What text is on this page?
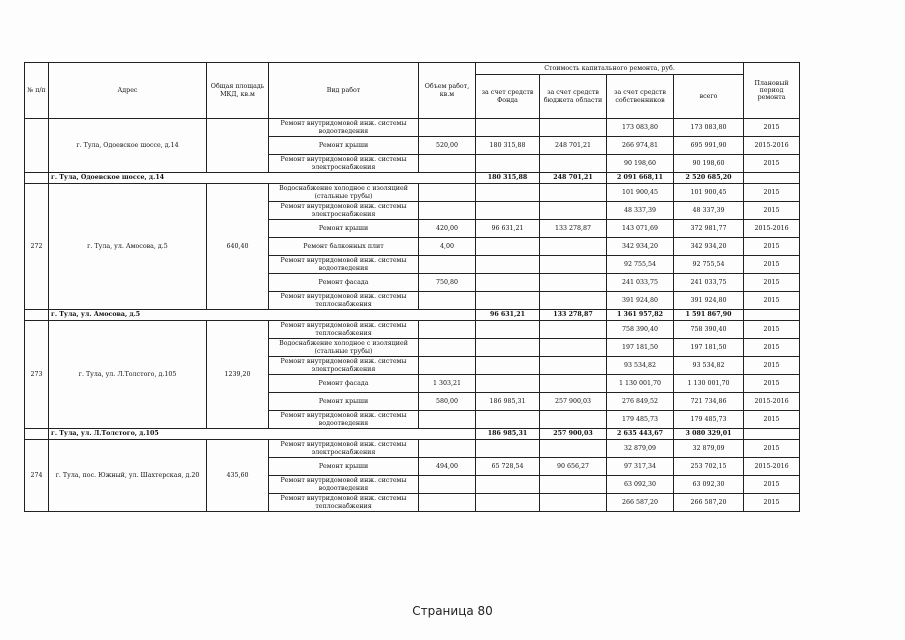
№ п/п	Адрес	Общая площадь МКД, кв.м	Вид работ	Объем работ, кв.м	Стоимость капитального ремонта, руб.				Плановый период ремонта
					за счет средств Фонда	за счет средств бюджета области	за счет средств собственников	всего	
	г. Тула, Одоевское шоссе, д.14		Ремонт внутридомовой инж. системы водоотведения				173 083,80	173 083,80	2015
			Ремонт крыши	520,00	180 315,88	248 701,21	266 974,81	695 991,90	2015-2016
			Ремонт внутридомовой инж. системы электроснабжения				90 198,60	90 198,60	2015
	г. Тула, Одоевское шоссе, д.14				180 315,88	248 701,21	2 091 668,11	2 520 685,20	
272	г. Тула, ул. Амосова, д.5	640,40	Водоснабжение холодное с изоляцией (стальные трубы)				101 900,45	101 900,45	2015
			Ремонт внутридомовой инж. системы электроснабжения				48 337,39	48 337,39	2015
			Ремонт крыши	420,00	96 631,21	133 278,87	143 071,69	372 981,77	2015-2016
			Ремонт балконных плит	4,00			342 934,20	342 934,20	2015
			Ремонт внутридомовой инж. системы водоотведения				92 755,54	92 755,54	2015
			Ремонт фасада	750,80			241 033,75	241 033,75	2015
			Ремонт внутридомовой инж. системы теплоснабжения				391 924,80	391 924,80	2015
	г. Тула, ул. Амосова, д.5				96 631,21	133 278,87	1 361 957,82	1 591 867,90	
273	г. Тула, ул. Л.Толстого, д.105	1239,20	Ремонт внутридомовой инж. системы теплоснабжения				758 390,40	758 390,40	2015
			Водоснабжение холодное с изоляцией (стальные трубы)				197 181,50	197 181,50	2015
			Ремонт внутридомовой инж. системы электроснабжения				93 534,82	93 534,82	2015
			Ремонт фасада	1 303,21			1 130 001,70	1 130 001,70	2015
			Ремонт крыши	580,00	186 985,31	257 900,03	276 849,52	721 734,86	2015-2016
			Ремонт внутридомовой инж. системы водоотведения				179 485,73	179 485,73	2015
	г. Тула, ул. Л.Толстого, д.105				186 985,31	257 900,03	2 635 443,67	3 080 329,01	
274	г. Тула, пос. Южный, ул. Шахтерская, д.20	435,60	Ремонт внутридомовой инж. системы электроснабжения				32 879,09	32 879,09	2015
			Ремонт крыши	494,00	65 728,54	90 656,27	97 317,34	253 702,15	2015-2016
			Ремонт внутридомовой инж. системы водоотведения				63 092,30	63 092,30	2015
			Ремонт внутридомовой инж. системы теплоснабжения				266 587,20	266 587,20	2015
Страница 80
